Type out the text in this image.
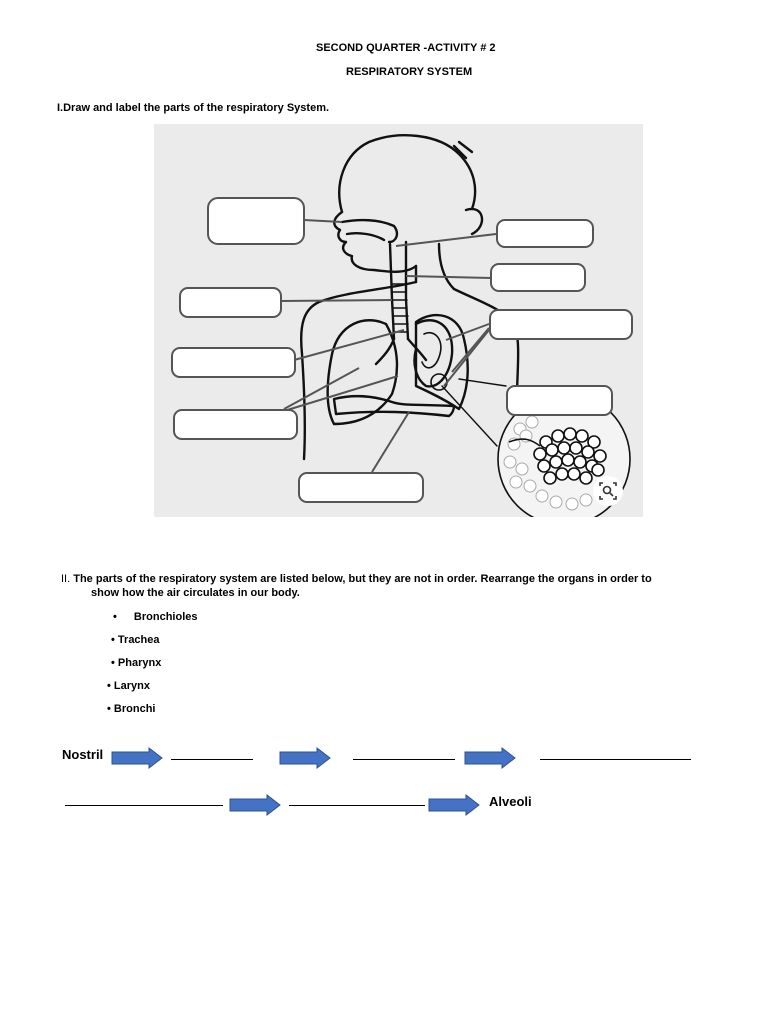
SECOND QUARTER -ACTIVITY # 2
RESPIRATORY SYSTEM
I.Draw and label the parts of the respiratory System.
II. The parts of the respiratory system are listed below, but they are not in order. Rearrange the organs in order to
show how the air circulates in our body.
• Bronchioles
• Trachea
• Pharynx
• Larynx
• Bronchi
Nostril
Alveoli
